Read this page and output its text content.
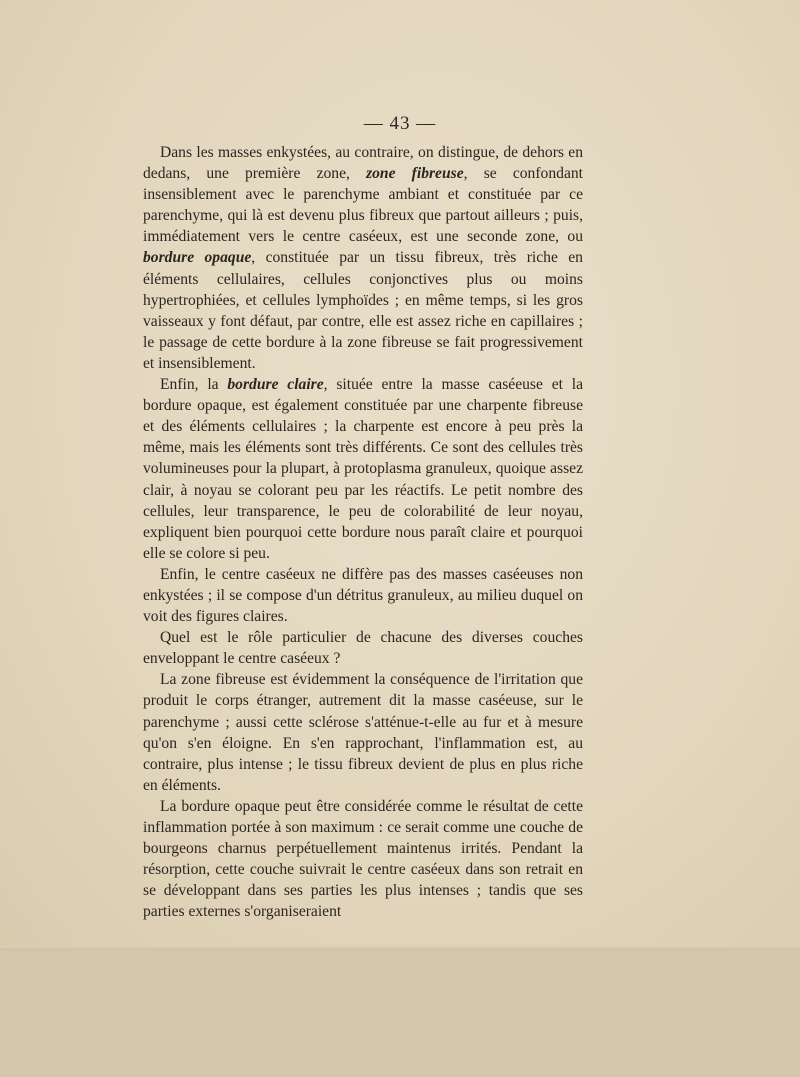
— 43 —

Dans les masses enkystées, au contraire, on distingue, de dehors en dedans, une première zone, zone fibreuse, se confondant insensiblement avec le parenchyme ambiant et constituée par ce parenchyme, qui là est devenu plus fibreux que partout ailleurs ; puis, immédiatement vers le centre caséeux, est une seconde zone, ou bordure opaque, constituée par un tissu fibreux, très riche en éléments cellulaires, cellules conjonctives plus ou moins hypertrophiées, et cellules lymphoïdes ; en même temps, si les gros vaisseaux y font défaut, par contre, elle est assez riche en capillaires ; le passage de cette bordure à la zone fibreuse se fait progressivement et insensiblement.

Enfin, la bordure claire, située entre la masse caséeuse et la bordure opaque, est également constituée par une charpente fibreuse et des éléments cellulaires ; la charpente est encore à peu près la même, mais les éléments sont très différents. Ce sont des cellules très volumineuses pour la plupart, à protoplasma granuleux, quoique assez clair, à noyau se colorant peu par les réactifs. Le petit nombre des cellules, leur transparence, le peu de colorabilité de leur noyau, expliquent bien pourquoi cette bordure nous paraît claire et pourquoi elle se colore si peu.

Enfin, le centre caséeux ne diffère pas des masses caséeuses non enkystées ; il se compose d'un détritus granuleux, au milieu duquel on voit des figures claires.

Quel est le rôle particulier de chacune des diverses couches enveloppant le centre caséeux ?

La zone fibreuse est évidemment la conséquence de l'irritation que produit le corps étranger, autrement dit la masse caséeuse, sur le parenchyme ; aussi cette sclérose s'atténue-t-elle au fur et à mesure qu'on s'en éloigne. En s'en rapprochant, l'inflammation est, au contraire, plus intense ; le tissu fibreux devient de plus en plus riche en éléments.

La bordure opaque peut être considérée comme le résultat de cette inflammation portée à son maximum : ce serait comme une couche de bourgeons charnus perpétuellement maintenus irrités. Pendant la résorption, cette couche suivrait le centre caséeux dans son retrait en se développant dans ses parties les plus intenses ; tandis que ses parties externes s'organiseraient
